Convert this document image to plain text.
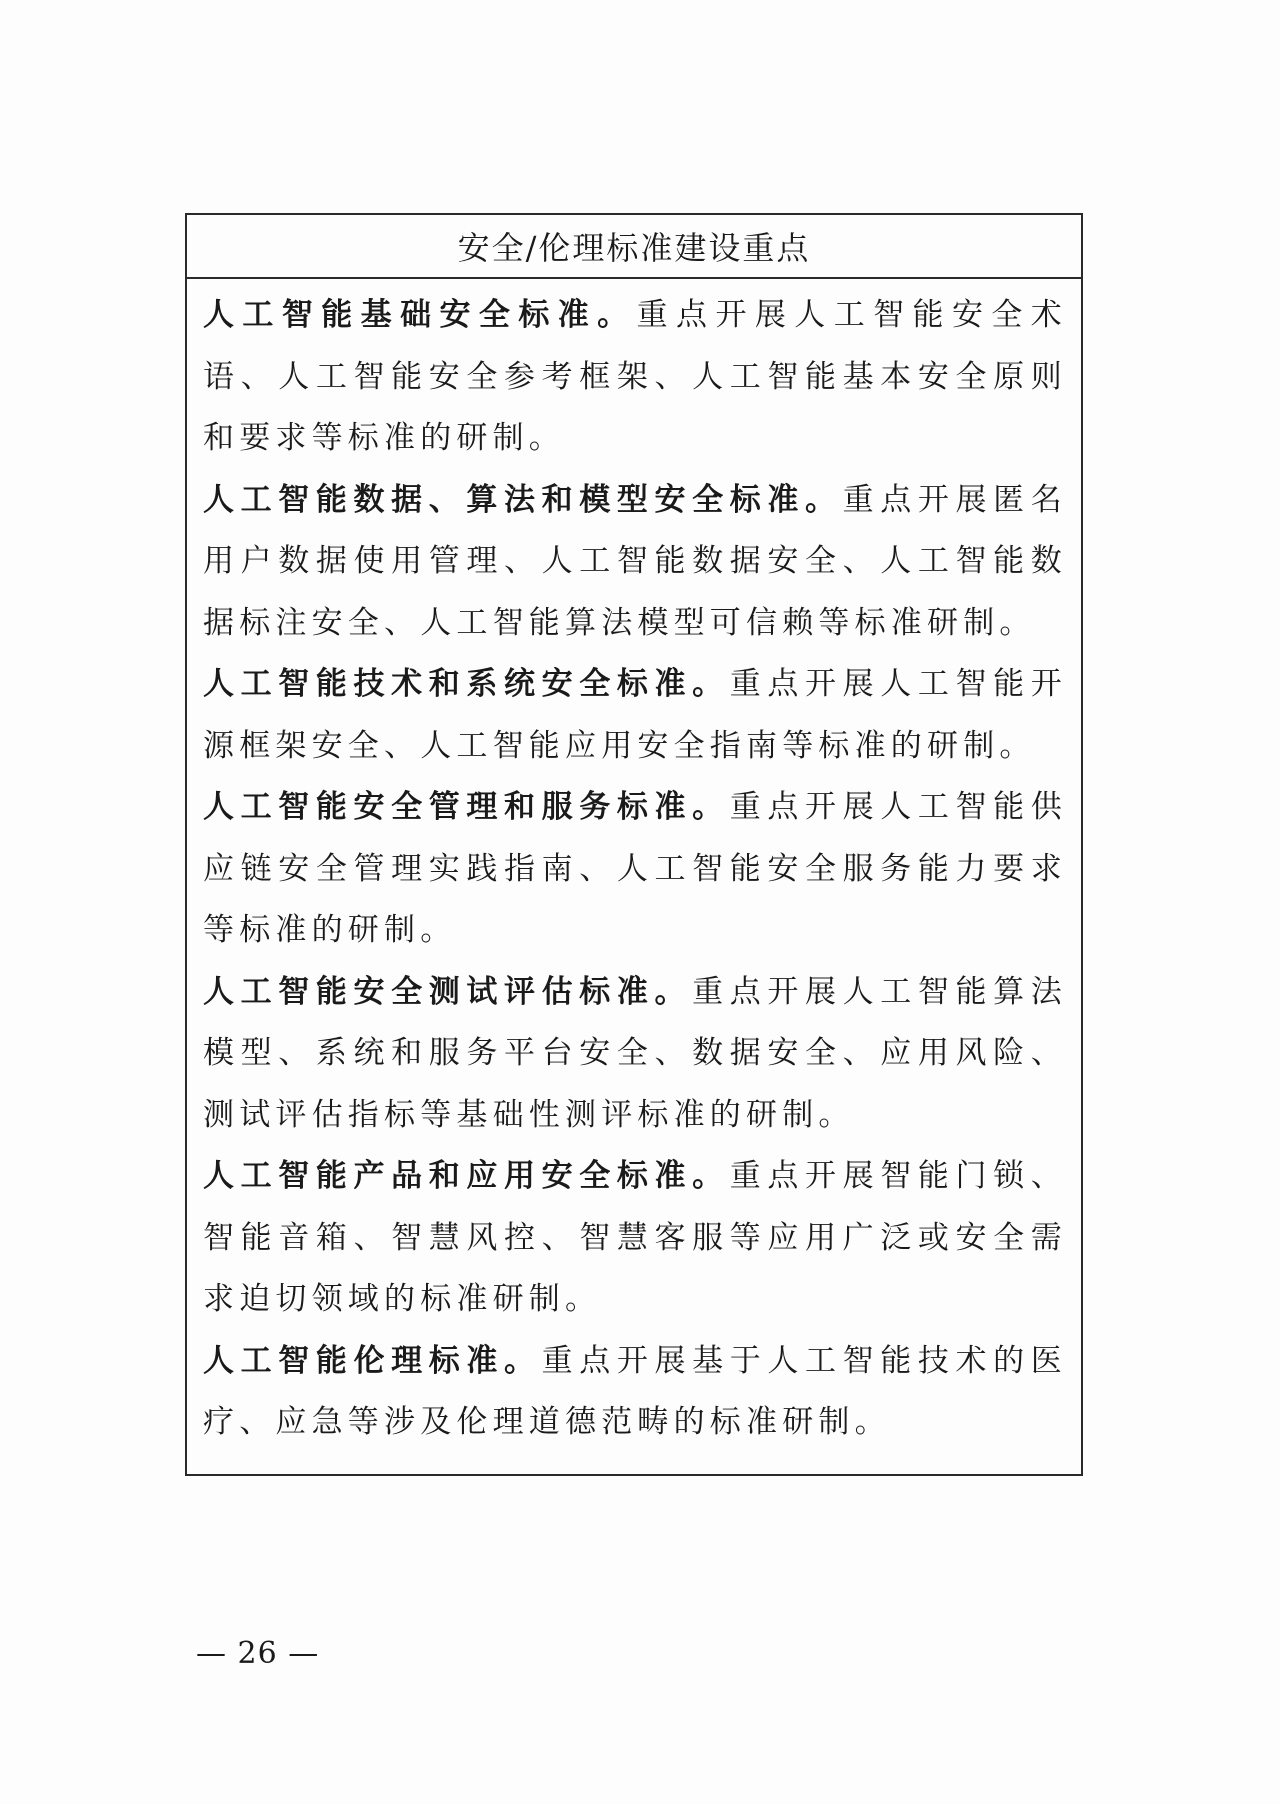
安全/伦理标准建设重点

人工智能基础安全标准。重点开展人工智能安全术语、人工智能安全参考框架、人工智能基本安全原则和要求等标准的研制。

人工智能数据、算法和模型安全标准。重点开展匿名用户数据使用管理、人工智能数据安全、人工智能数据标注安全、人工智能算法模型可信赖等标准研制。

人工智能技术和系统安全标准。重点开展人工智能开源框架安全、人工智能应用安全指南等标准的研制。

人工智能安全管理和服务标准。重点开展人工智能供应链安全管理实践指南、人工智能安全服务能力要求等标准的研制。

人工智能安全测试评估标准。重点开展人工智能算法模型、系统和服务平台安全、数据安全、应用风险、测试评估指标等基础性测评标准的研制。

人工智能产品和应用安全标准。重点开展智能门锁、智能音箱、智慧风控、智慧客服等应用广泛或安全需求迫切领域的标准研制。

人工智能伦理标准。重点开展基于人工智能技术的医疗、应急等涉及伦理道德范畴的标准研制。

— 26 —
